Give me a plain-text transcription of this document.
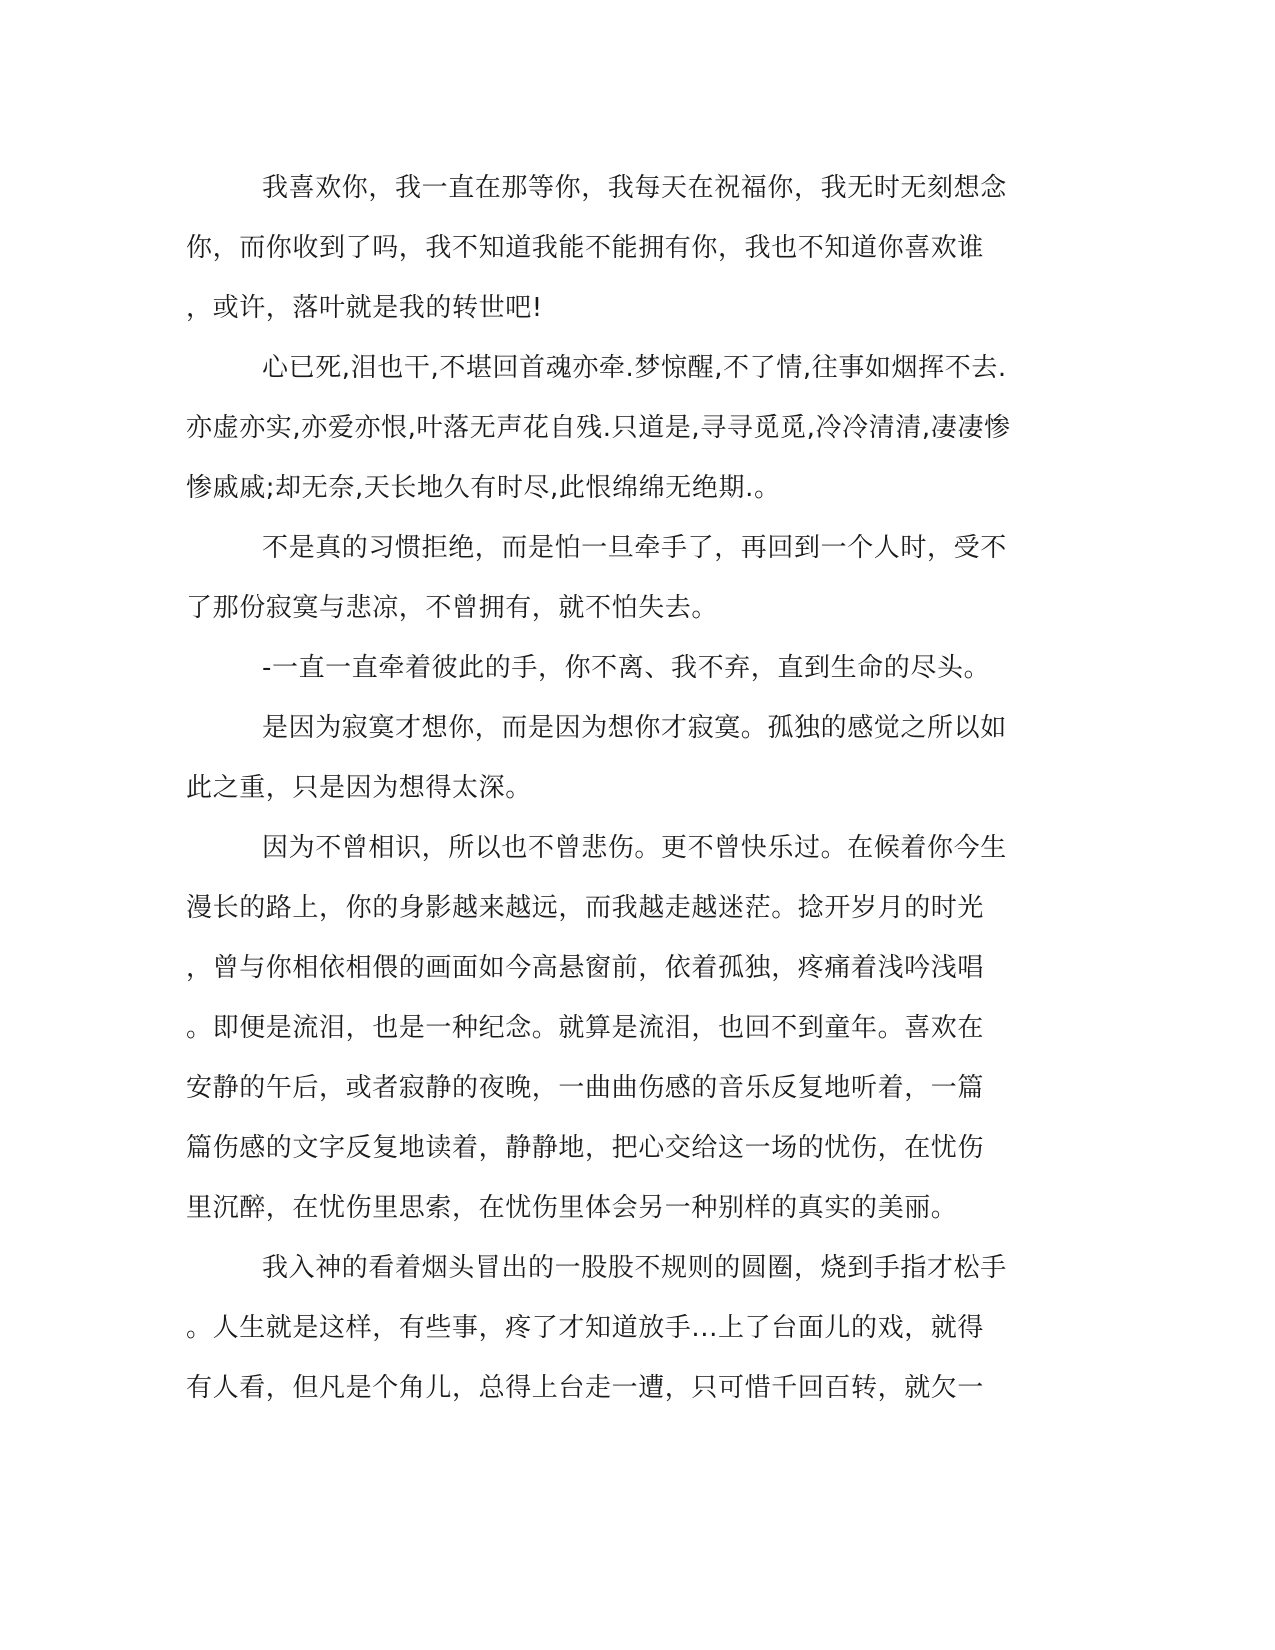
我喜欢你，我一直在那等你，我每天在祝福你，我无时无刻想念
你，而你收到了吗，我不知道我能不能拥有你，我也不知道你喜欢谁
，或许，落叶就是我的转世吧!
心已死,泪也干,不堪回首魂亦牵.梦惊醒,不了情,往事如烟挥不去.
亦虚亦实,亦爱亦恨,叶落无声花自残.只道是,寻寻觅觅,冷冷清清,凄凄惨
惨戚戚;却无奈,天长地久有时尽,此恨绵绵无绝期.。
不是真的习惯拒绝，而是怕一旦牵手了，再回到一个人时，受不
了那份寂寞与悲凉，不曾拥有，就不怕失去。
-一直一直牵着彼此的手，你不离、我不弃，直到生命的尽头。
是因为寂寞才想你，而是因为想你才寂寞。孤独的感觉之所以如
此之重，只是因为想得太深。
因为不曾相识，所以也不曾悲伤。更不曾快乐过。在候着你今生
漫长的路上，你的身影越来越远，而我越走越迷茫。捻开岁月的时光
，曾与你相依相偎的画面如今高悬窗前，依着孤独，疼痛着浅吟浅唱
。即便是流泪，也是一种纪念。就算是流泪，也回不到童年。喜欢在
安静的午后，或者寂静的夜晚，一曲曲伤感的音乐反复地听着，一篇
篇伤感的文字反复地读着，静静地，把心交给这一场的忧伤，在忧伤
里沉醉，在忧伤里思索，在忧伤里体会另一种别样的真实的美丽。
我入神的看着烟头冒出的一股股不规则的圆圈，烧到手指才松手
。人生就是这样，有些事，疼了才知道放手...上了台面儿的戏，就得
有人看，但凡是个角儿，总得上台走一遭，只可惜千回百转，就欠一
